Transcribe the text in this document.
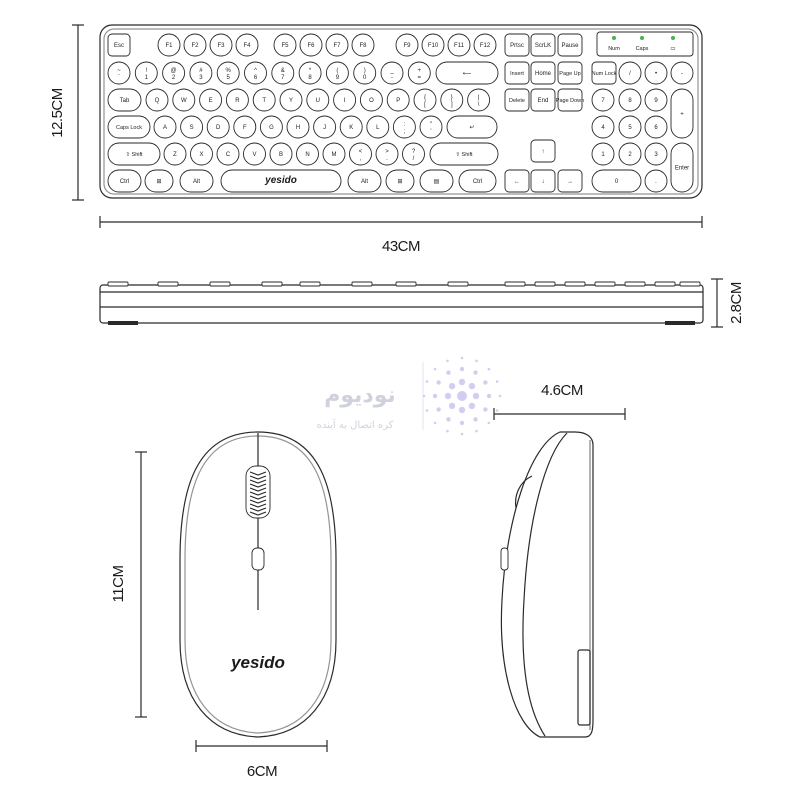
Num	Caps	▭
Esc	F1	F2	F3	F4	F5	F6	F7	F8	F9	F10	F11	F12	Prtsc ScrLK Pause
~
`
!
1
@
2
#
3
%
5
^
6
&
7
*
8
(
9
)
0
_
-
+
=
⟵	Insert Home Page Up Num Lock /	•	-
Tab	Q	W	E	R	T	Y	U	I	O	P	{
[
}
]
|
\
Delete End Page Down	7	8	9
+
Caps Lock	A	S	D	F	G	H	J	K	L	:
;
"
'
↵	4	5	6
⇧ Shift	Z	X	C	V	B	N	M	<
,
>
.
?
/
⇧ Shift	↑	1	2	3
Enter
Ctrl	⊞	Alt	yesido	Alt	⊞	▤	Ctrl	←	↓	→	0	.
12.5CM
43CM
2.8CM
نودیوم
کره اتصال به آینده
yesido
11CM
6CM
4.6CM
